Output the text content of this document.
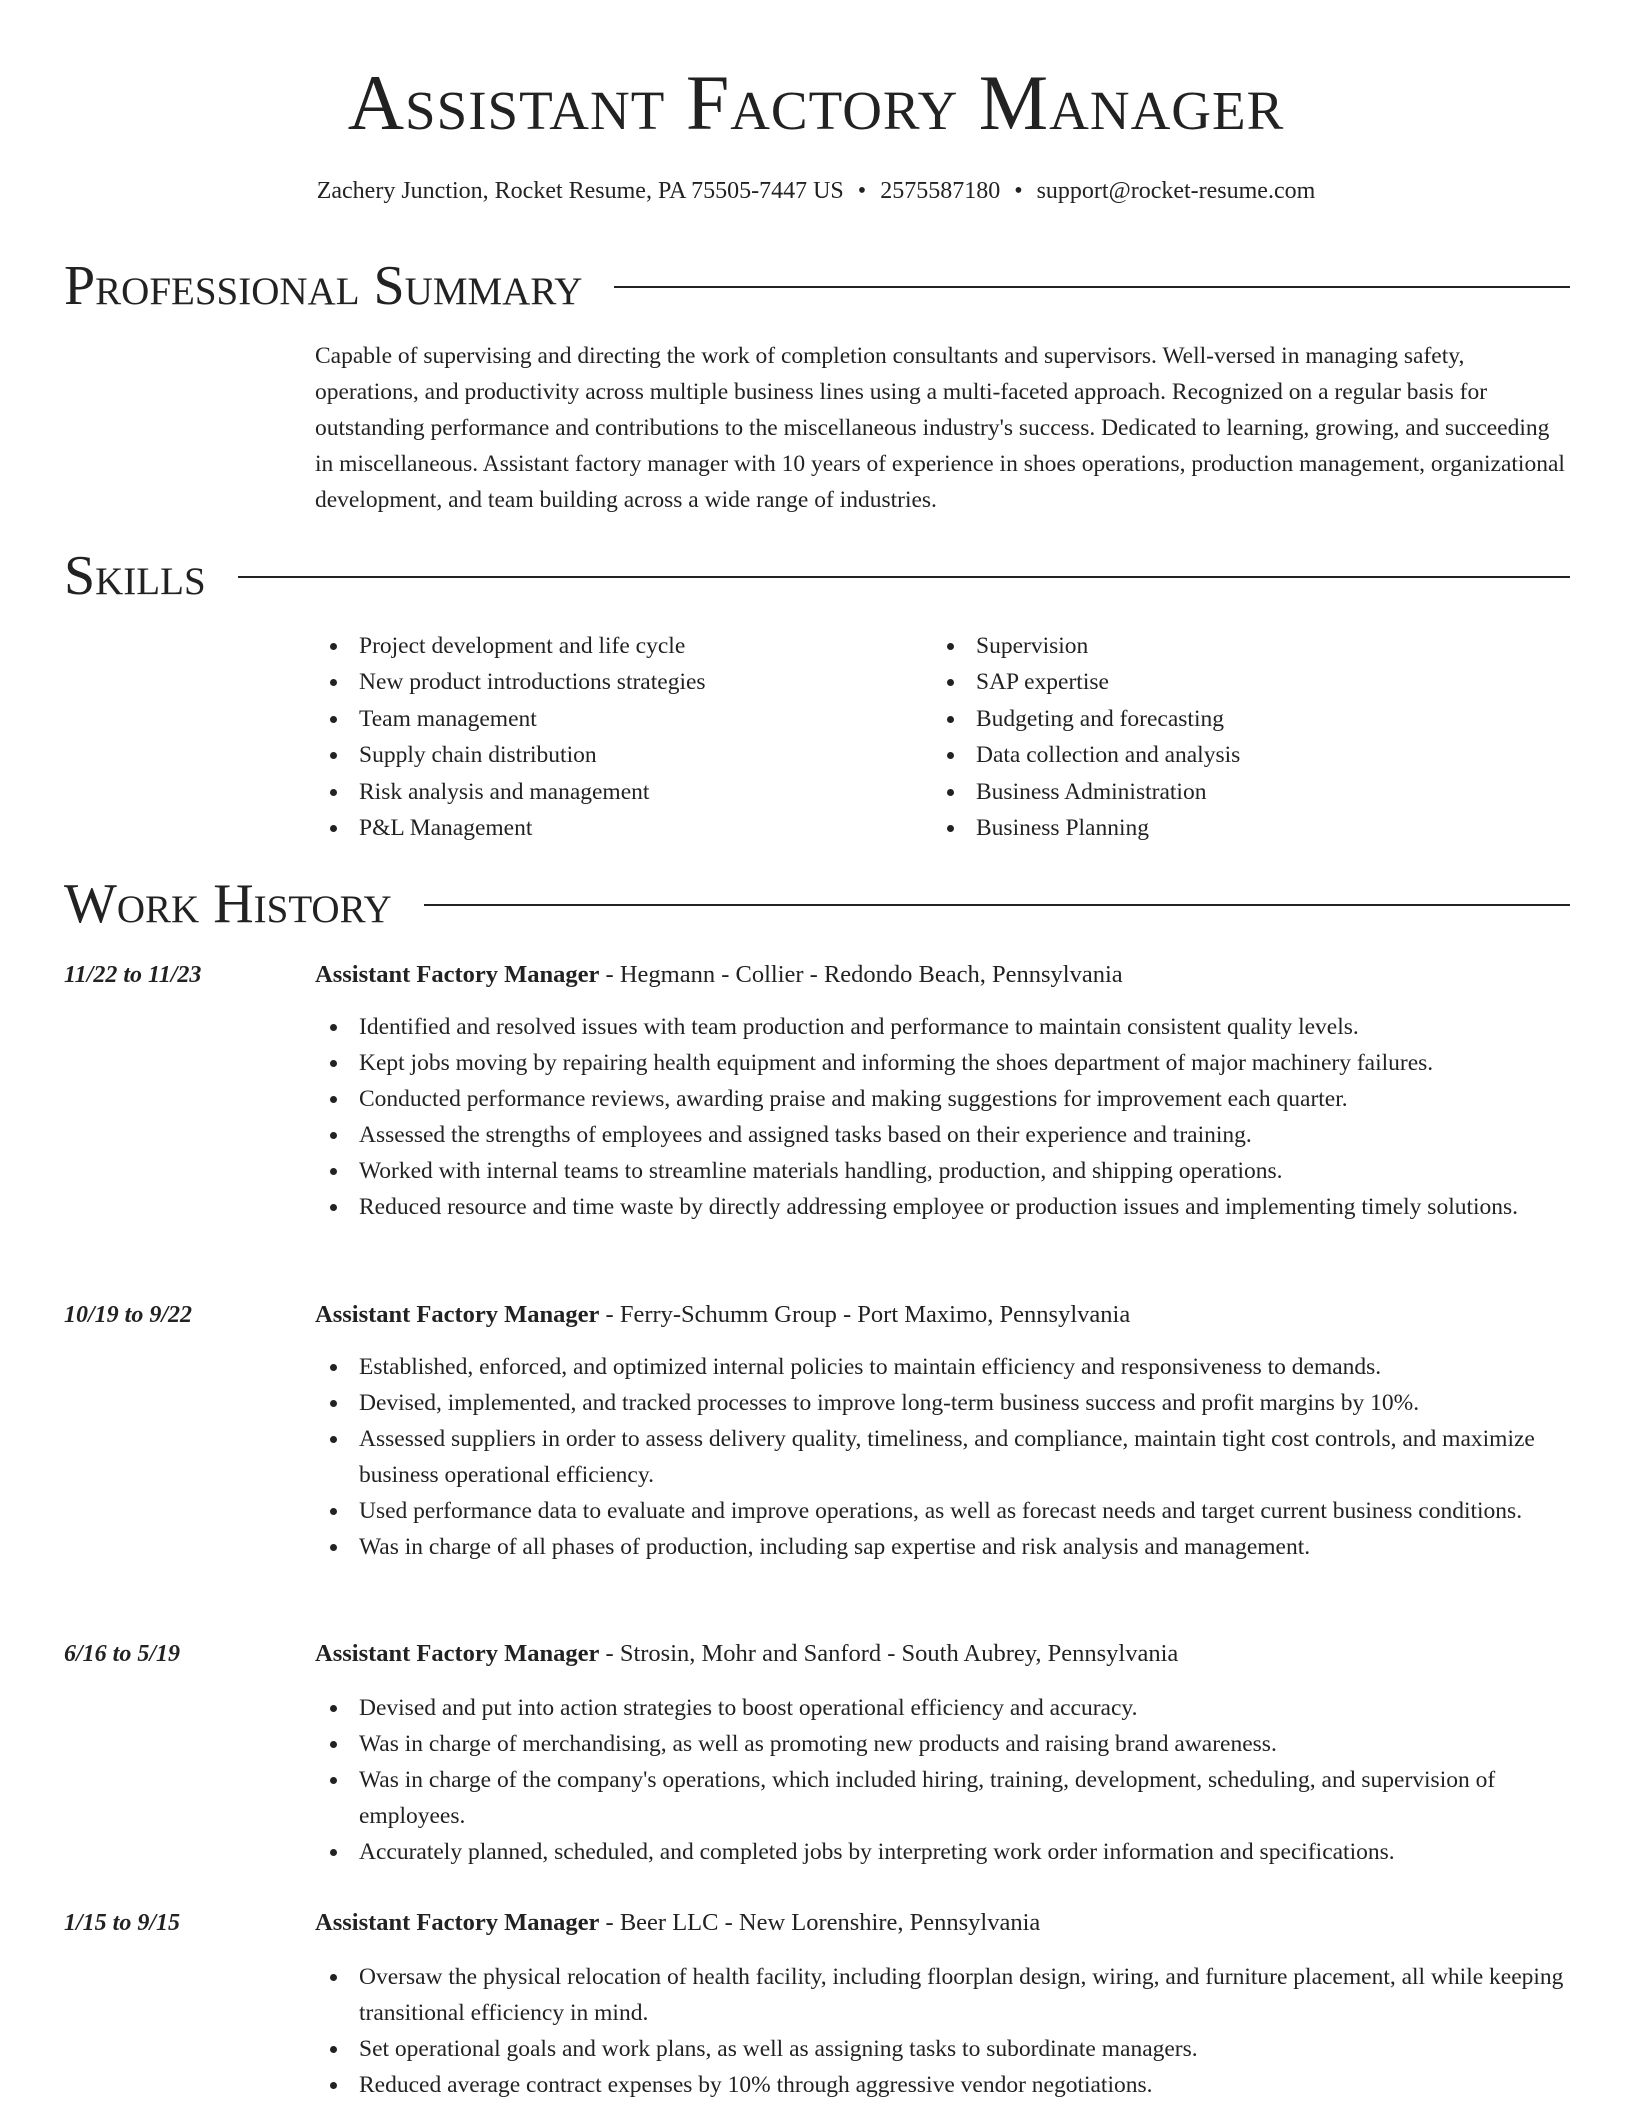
Assistant Factory Manager
Zachery Junction, Rocket Resume, PA 75505-7447 US • 2575587180 • support@rocket-resume.com
Professional Summary
Capable of supervising and directing the work of completion consultants and supervisors. Well-versed in managing safety, operations, and productivity across multiple business lines using a multi-faceted approach. Recognized on a regular basis for outstanding performance and contributions to the miscellaneous industry's success. Dedicated to learning, growing, and succeeding in miscellaneous. Assistant factory manager with 10 years of experience in shoes operations, production management, organizational development, and team building across a wide range of industries.
Skills
Project development and life cycle
New product introductions strategies
Team management
Supply chain distribution
Risk analysis and management
P&L Management
Supervision
SAP expertise
Budgeting and forecasting
Data collection and analysis
Business Administration
Business Planning
Work History
11/22 to 11/23	Assistant Factory Manager - Hegmann - Collier - Redondo Beach, Pennsylvania
Identified and resolved issues with team production and performance to maintain consistent quality levels.
Kept jobs moving by repairing health equipment and informing the shoes department of major machinery failures.
Conducted performance reviews, awarding praise and making suggestions for improvement each quarter.
Assessed the strengths of employees and assigned tasks based on their experience and training.
Worked with internal teams to streamline materials handling, production, and shipping operations.
Reduced resource and time waste by directly addressing employee or production issues and implementing timely solutions.
10/19 to 9/22	Assistant Factory Manager - Ferry-Schumm Group - Port Maximo, Pennsylvania
Established, enforced, and optimized internal policies to maintain efficiency and responsiveness to demands.
Devised, implemented, and tracked processes to improve long-term business success and profit margins by 10%.
Assessed suppliers in order to assess delivery quality, timeliness, and compliance, maintain tight cost controls, and maximize business operational efficiency.
Used performance data to evaluate and improve operations, as well as forecast needs and target current business conditions.
Was in charge of all phases of production, including sap expertise and risk analysis and management.
6/16 to 5/19	Assistant Factory Manager - Strosin, Mohr and Sanford - South Aubrey, Pennsylvania
Devised and put into action strategies to boost operational efficiency and accuracy.
Was in charge of merchandising, as well as promoting new products and raising brand awareness.
Was in charge of the company's operations, which included hiring, training, development, scheduling, and supervision of employees.
Accurately planned, scheduled, and completed jobs by interpreting work order information and specifications.
1/15 to 9/15	Assistant Factory Manager - Beer LLC - New Lorenshire, Pennsylvania
Oversaw the physical relocation of health facility, including floorplan design, wiring, and furniture placement, all while keeping transitional efficiency in mind.
Set operational goals and work plans, as well as assigning tasks to subordinate managers.
Reduced average contract expenses by 10% through aggressive vendor negotiations.
